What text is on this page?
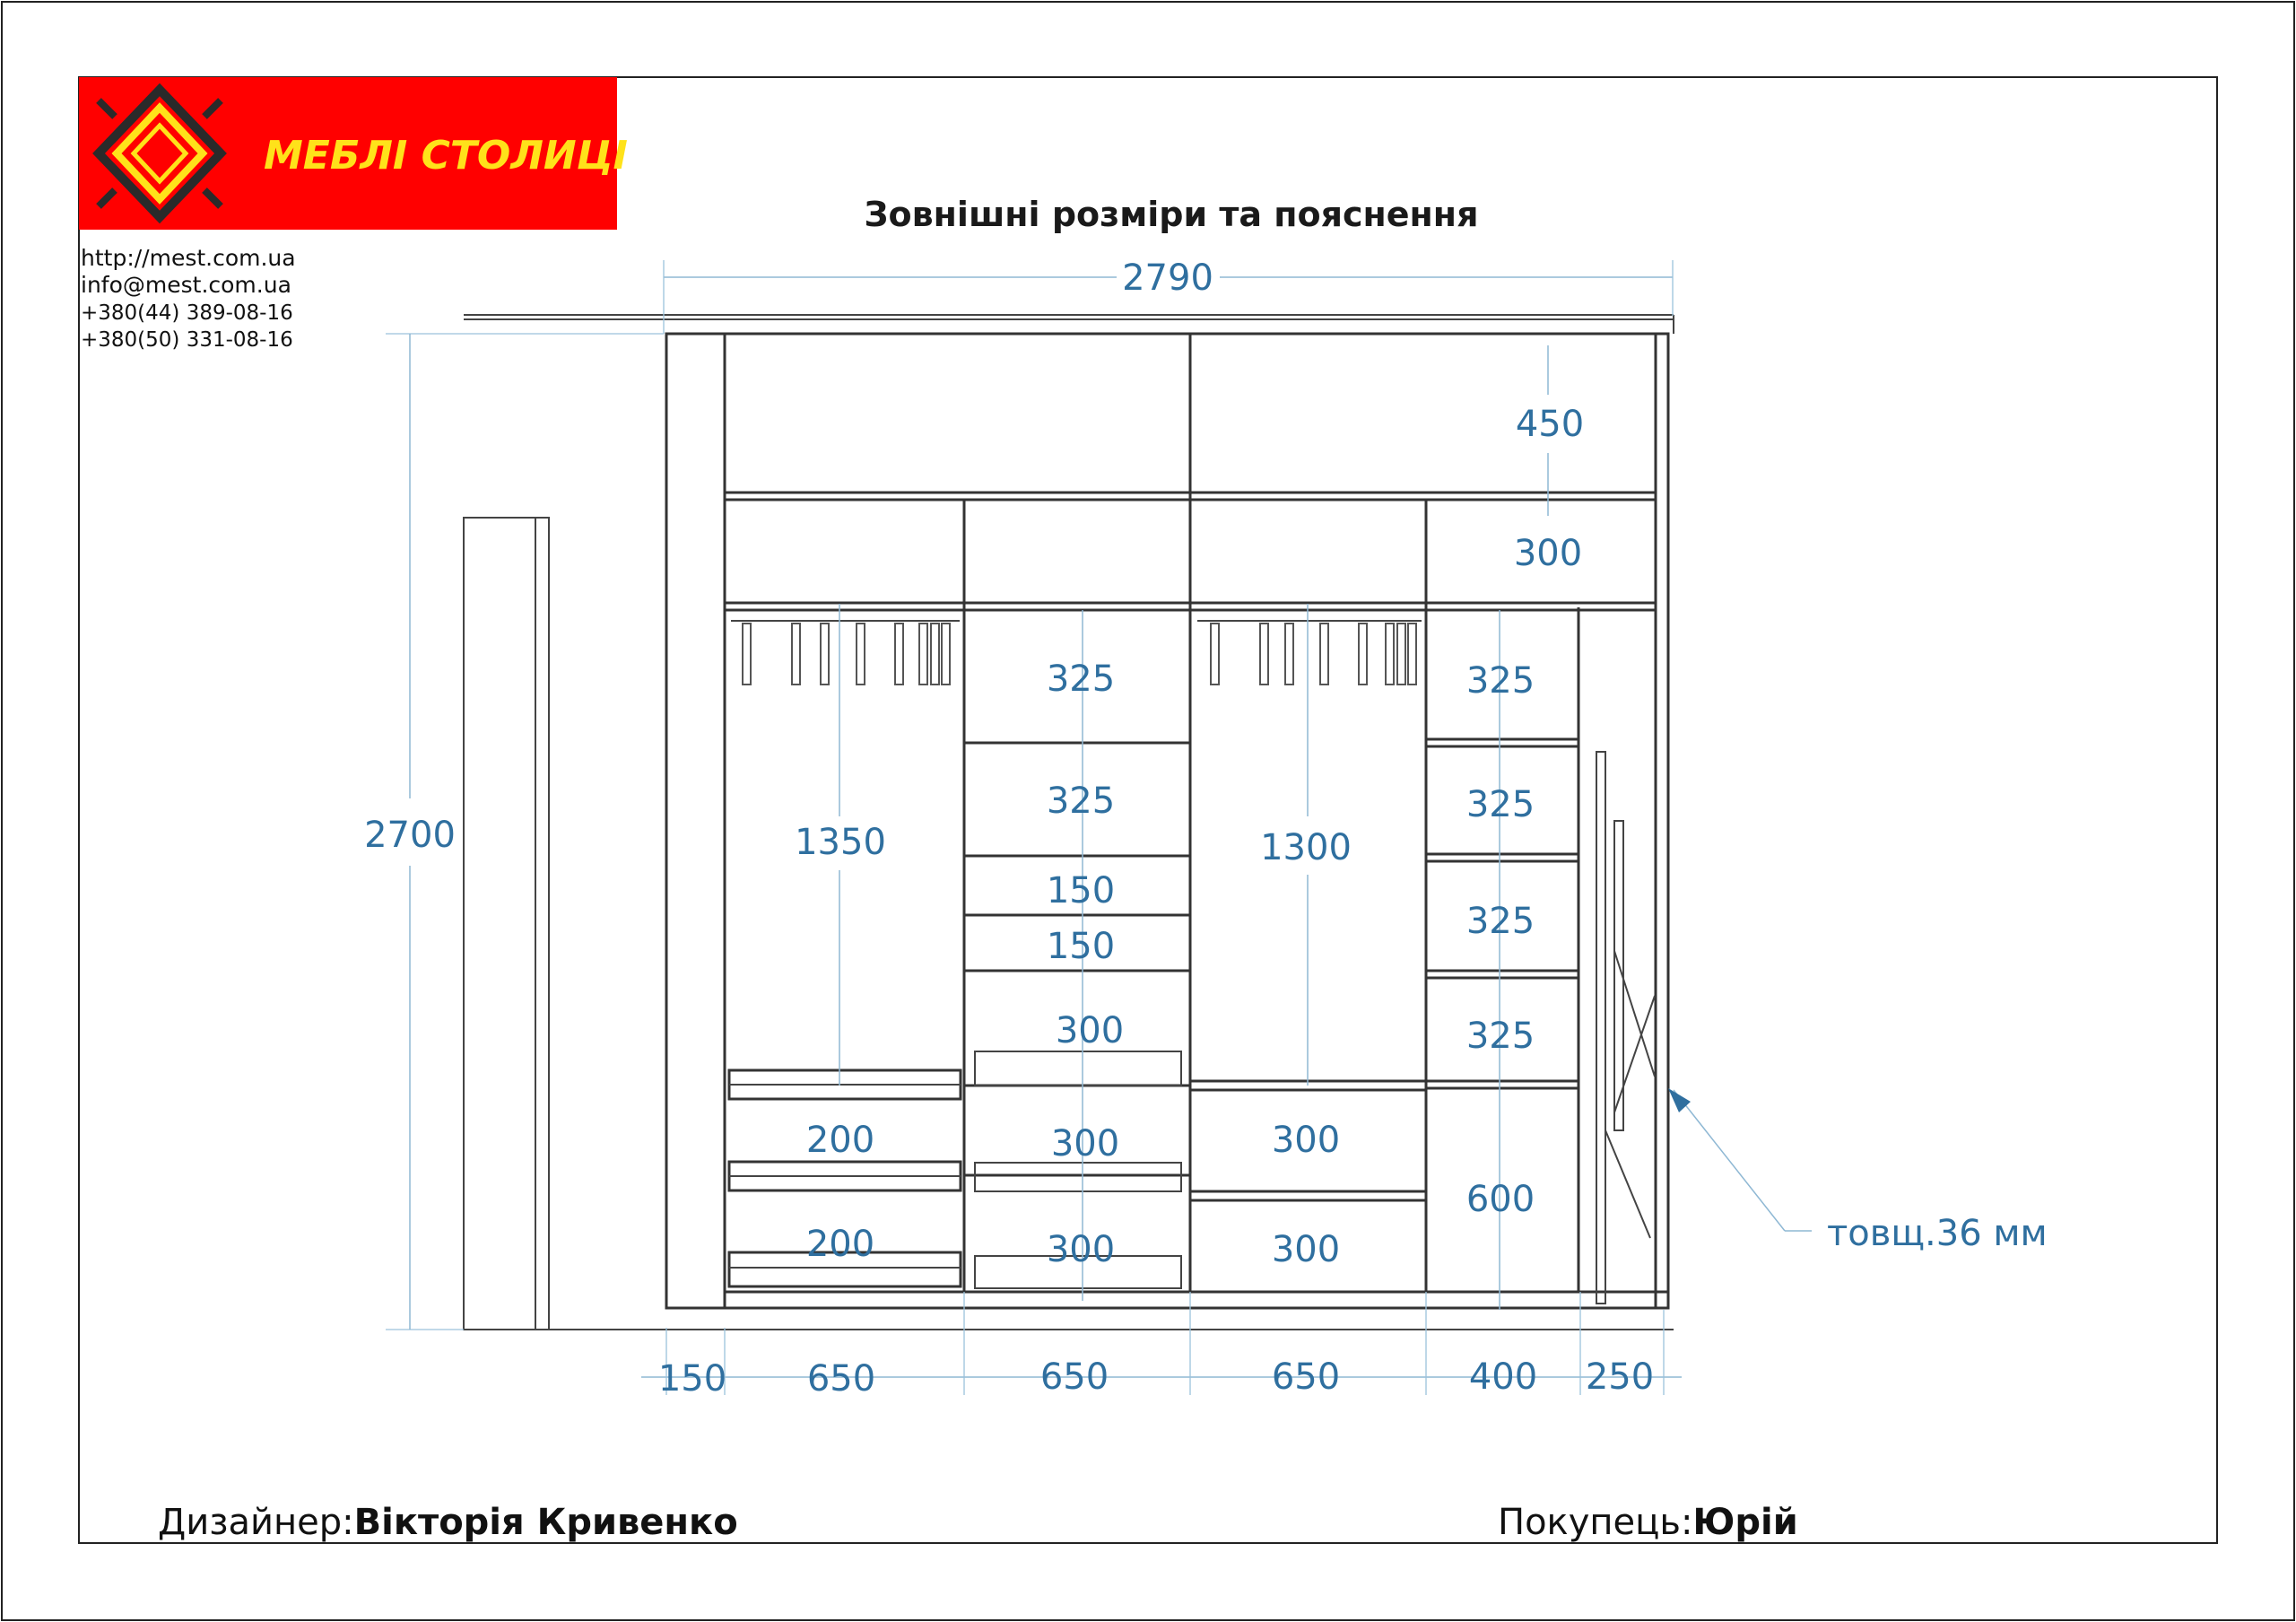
МЕБЛІ СТОЛИЦІ
http://mest.com.ua
info@mest.com.ua
+380(44) 389-08-16
+380(50) 331-08-16
Зовнішні розміри та пояснення
2790
2700
450
300
1350	1300
325
325
150
150
300
300
300
200
200
300
300
325
325
325
325
600
150 650	650	650	400 250
товщ.36 мм
Дизайнер:Вікторія Кривенко	Покупець:Юрій
